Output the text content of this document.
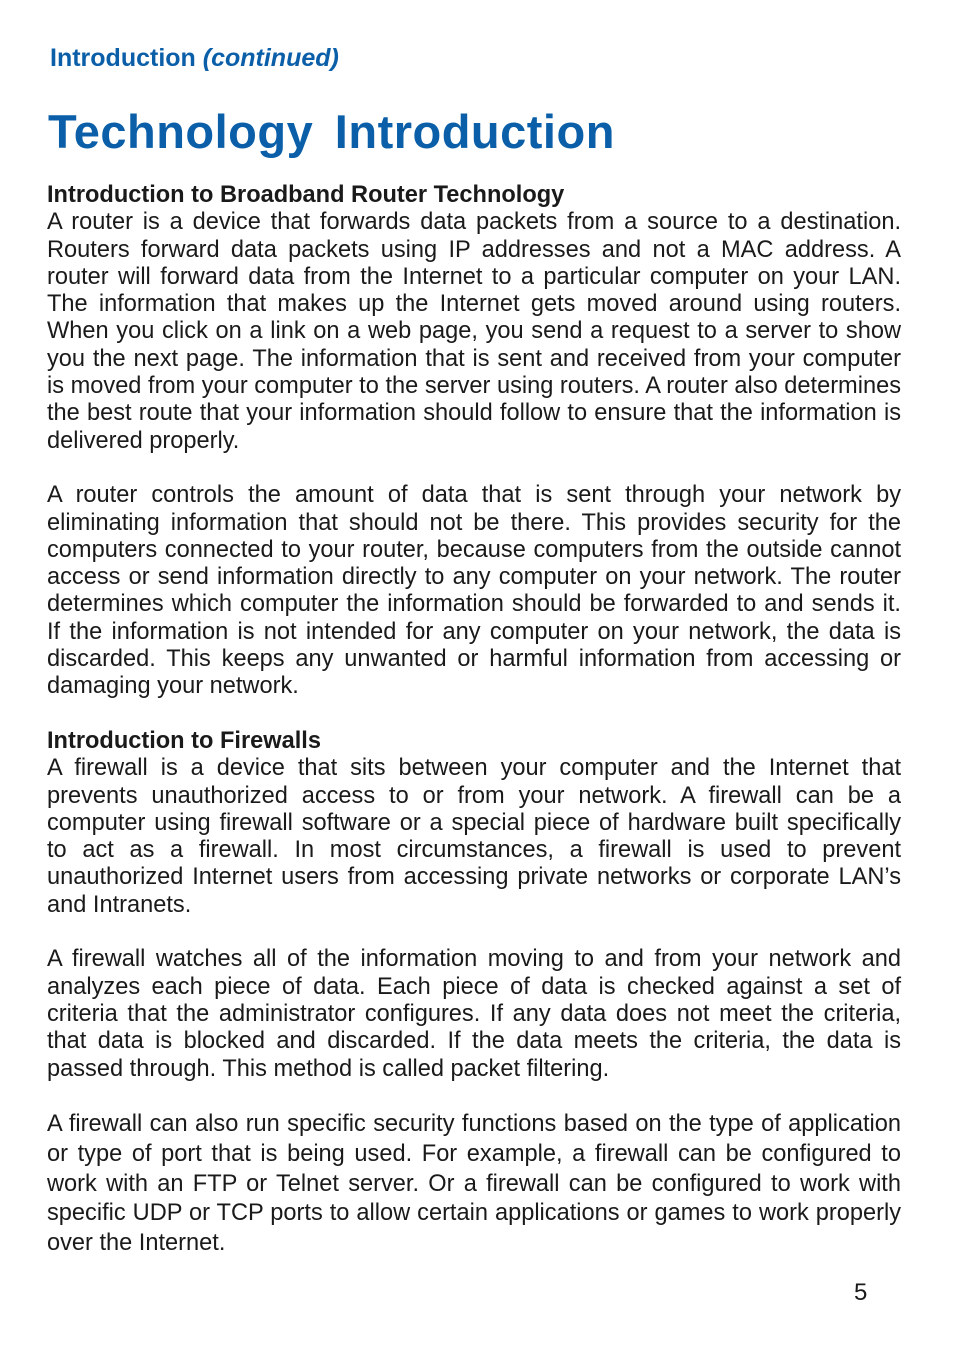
Introduction (continued)
Technology Introduction
Introduction to Broadband Router Technology

A router is a device that forwards data packets from a source to a destination. Routers forward data packets using IP addresses and not a MAC address. A router will forward data from the Internet to a particular computer on your LAN. The information that makes up the Internet gets moved around using routers. When you click on a link on a web page, you send a request to a server to show you the next page. The information that is sent and received from your computer is moved from your computer to the server using routers. A router also determines the best route that your information should follow to ensure that the information is delivered properly.

A router controls the amount of data that is sent through your network by eliminating information that should not be there. This provides security for the computers connected to your router, because computers from the outside cannot access or send information directly to any computer on your network. The router determines which computer the information should be forwarded to and sends it. If the information is not intended for any computer on your network, the data is discarded. This keeps any unwanted or harmful information from accessing or damaging your network.

Introduction to Firewalls

A firewall is a device that sits between your computer and the Internet that prevents unauthorized access to or from your network. A firewall can be a computer using firewall software or a special piece of hardware built specifically to act as a firewall. In most circumstances, a firewall is used to prevent unauthorized Internet users from accessing private networks or corporate LAN’s and Intranets.

A firewall watches all of the information moving to and from your network and analyzes each piece of data. Each piece of data is checked against a set of criteria that the administrator configures. If any data does not meet the criteria, that data is blocked and discarded. If the data meets the criteria, the data is passed through. This method is called packet filtering.

A firewall can also run specific security functions based on the type of application or type of port that is being used. For example, a firewall can be configured to work with an FTP or Telnet server. Or a firewall can be configured to work with specific UDP or TCP ports to allow certain applications or games to work properly over the Internet.

5
